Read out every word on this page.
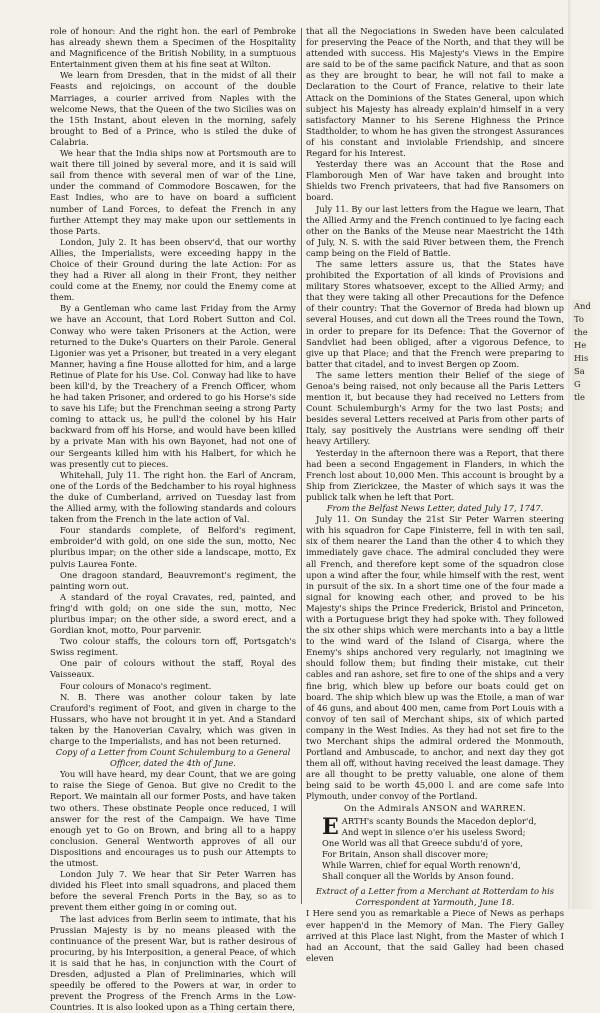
role of honour: And the right hon. the earl of Pembroke has already shewn them a Specimen of the Hospitality and Magnificence of the British Nobility, in a sumptuous Entertainment given them at his fine seat at Wilton.

We learn from Dresden, that in the midst of all their Feasts and rejoicings, on account of the double Marriages, a courier arrived from Naples with the welcome News, that the Queen of the two Sicilies was on the 15th Instant, about eleven in the morning, safely brought to Bed of a Prince, who is stiled the duke of Calabria.

We hear that the India ships now at Portsmouth are to wait there till joined by several more, and it is said will sail from thence with several men of war of the Line, under the command of Commodore Boscawen, for the East Indies, who are to have on board a sufficient number of Land Forces, to defeat the French in any further Attempt they may make upon our settlements in those Parts.

London, July 2. It has been observ'd, that our worthy Allies, the Imperialists, were exceeding happy in the Choice of their Ground during the late Action: For as they had a River all along in their Front, they neither could come at the Enemy, nor could the Enemy come at them.

By a Gentleman who came last Friday from the Army we have an Account, that Lord Robert Sutton and Col. Conway who were taken Prisoners at the Action, were returned to the Duke's Quarters on their Parole. General Ligonier was yet a Prisoner, but treated in a very elegant Manner, having a fine House allotted for him, and a large Retinue of Plate for his Use. Col. Conway had like to have been kill'd, by the Treachery of a French Officer, whom he had taken Prisoner, and ordered to go his Horse's side to save his Life; but the Frenchman seeing a strong Party coming to attack us, he pull'd the colonel by his Hair backward from off his Horse, and would have been killed by a private Man with his own Bayonet, had not one of our Sergeants killed him with his Halbert, for which he was presently cut to pieces.

Whitehall, July 11. The right hon. the Earl of Ancram, one of the Lords of the Bedchamber to his royal highness the duke of Cumberland, arrived on Tuesday last from the Allied army, with the following standards and colours taken from the French in the late action of Val.

Four standards complete, of Belford's regiment, embroider'd with gold, on one side the sun, motto, Nec pluribus impar; on the other side a landscape, motto, Ex pulvis Laurea Fonte.

One dragoon standard, Beauvremont's regiment, the painting worn out.

A standard of the royal Cravates, red, painted, and fring'd with gold; on one side the sun, motto, Nec pluribus impar; on the other side, a sword erect, and a Gordian knot, motto, Pour parvenir.

Two colour staffs, the colours torn off, Portsgatch's Swiss regiment.

One pair of colours without the staff, Royal des Vaisseaux.

Four colours of Monaco's regiment.

N. B. There was another colour taken by late Crauford's regiment of Foot, and given in charge to the Hussars, who have not brought it in yet. And a Standard taken by the Hanoverian Cavalry, which was given in charge to the Imperialists, and has not been returned.

Copy of a Letter from Count Schulemburg to a General Officer, dated the 4th of June.

You will have heard, my dear Count, that we are going to raise the Siege of Genoa. But give no Credit to the Report. We maintain all our former Posts, and have taken two others. These obstinate People once reduced, I will answer for the rest of the Campaign. We have Time enough yet to Go on Brown, and bring all to a happy conclusion. General Wentworth approves of all our Dispositions and encourages us to push our Attempts to the utmost.

London July 7. We hear that Sir Peter Warren has divided his Fleet into small squadrons, and placed them before the several French Ports in the Bay, so as to prevent them either going in or coming out.

The last advices from Berlin seem to intimate, that his Prussian Majesty is by no means pleased with the continuance of the present War, but is rather desirous of procuring, by his Interposition, a general Peace, of which it is said that he has, in conjunction with the Court of Dresden, adjusted a Plan of Preliminaries, which will speedily be offered to the Powers at war, in order to prevent the Progress of the French Arms in the Low-Countries. It is also looked upon as a Thing certain there,

that all the Negociations in Sweden have been calculated for preserving the Peace of the North, and that they will be attended with success. His Majesty's Views in the Empire are said to be of the same pacifick Nature, and that as soon as they are brought to bear, he will not fail to make a Declaration to the Court of France, relative to their late Attack on the Dominions of the States General, upon which subject his Majesty has already explain'd himself in a very satisfactory Manner to his Serene Highness the Prince Stadtholder, to whom he has given the strongest Assurances of his constant and inviolable Friendship, and sincere Regard for his Interest.

Yesterday there was an Account that the Rose and Flamborough Men of War have taken and brought into Shields two French privateers, that had five Ransomers on board.

July 11. By our last letters from the Hague we learn, That the Allied Army and the French continued to lye facing each other on the Banks of the Meuse near Maestricht the 14th of July, N. S. with the said River between them, the French camp being on the Field of Battle.

The same letters assure us, that the States have prohibited the Exportation of all kinds of Provisions and military Stores whatsoever, except to the Allied Army; and that they were taking all other Precautions for the Defence of their country: That the Governor of Breda had blown up several Houses, and cut down all the Trees round the Town, in order to prepare for its Defence: That the Governor of Sandvliet had been obliged, after a vigorous Defence, to give up that Place; and that the French were preparing to batter that citadel, and to invest Bergen op Zoom.

The same letters mention their Belief of the siege of Genoa's being raised, not only because all the Paris Letters mention it, but because they had received no Letters from Count Schulemburgh's Army for the two last Posts; and besides several Letters received at Paris from other parts of Italy, say positively the Austrians were sending off their heavy Artillery.

Yesterday in the afternoon there was a Report, that there had been a second Engagement in Flanders, in which the French lost about 10,000 Men. This account is brought by a Ship from Zierickzee, the Master of which says it was the publick talk when he left that Port.

From the Belfast News Letter, dated July 17, 1747.

July 11. On Sunday the 21st Sir Peter Warren steering with his squadron for Cape Finisterre, fell in with ten sail, six of them nearer the Land than the other 4 to which they immediately gave chace. The admiral concluded they were all French, and therefore kept some of the squadron close upon a wind after the four, while himself with the rest, went in pursuit of the six. In a short time one of the four made a signal for knowing each other, and proved to be his Majesty's ships the Prince Frederick, Bristol and Princeton, with a Portuguese brigt they had spoke with. They followed the six other ships which were merchants into a bay a little to the wind ward of the Island of Cisarga, where the Enemy's ships anchored very regularly, not imagining we should follow them; but finding their mistake, cut their cables and ran ashore, set fire to one of the ships and a very fine brig, which blew up before our boats could get on board. The ship which blew up was the Etoile, a man of war of 46 guns, and about 400 men, came from Port Louis with a convoy of ten sail of Merchant ships, six of which parted company in the West Indies. As they had not set fire to the two Merchant ships the admiral ordered the Monmouth, Portland and Ambuscade, to anchor, and next day they got them all off, without having received the least damage. They are all thought to be pretty valuable, one alone of them being said to be worth 45,000 l. and are come safe into Plymouth, under convoy of the Portland.

On the Admirals ANSON and WARREN.

E ARTH's scanty Bounds the Macedon deplor'd,
And wept in silence o'er his useless Sword;
One World was all that Greece subdu'd of yore,
For Britain, Anson shall discover more;
While Warren, chief for equal Worth renown'd,
Shall conquer all the Worlds by Anson found.

Extract of a Letter from a Merchant at Rotterdam to his Correspondent at Yarmouth, June 18.

I Here send you as remarkable a Piece of News as perhaps ever happen'd in the Memory of Man. The Fiery Galley arrived at this Place last Night, from the Master of which I had an Account, that the said Galley had been chased eleven

And
To
the
He
His
Sa
G
tle
